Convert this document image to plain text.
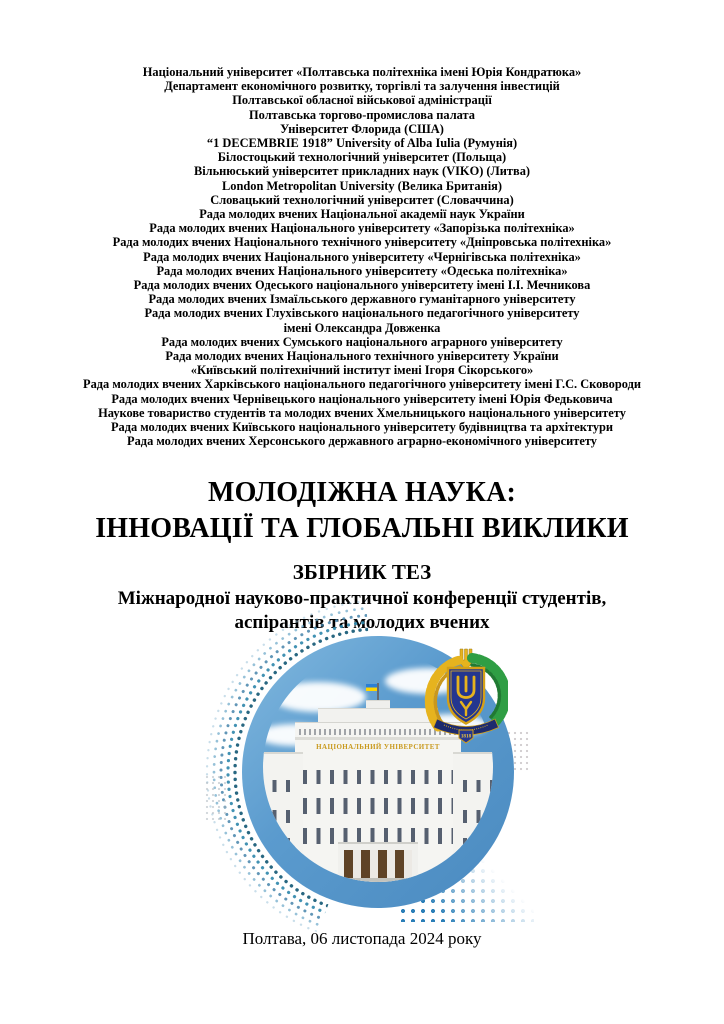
Національний університет «Полтавська політехніка імені Юрія Кондратюка»
Департамент економічного розвитку, торгівлі та залучення інвестицій
Полтавської обласної військової адміністрації
Полтавська торгово-промислова палата
Університет Флорида (США)
“1 DECEMBRIE 1918” University of Alba Iulia (Румунія)
Білостоцький технологічний університет (Польща)
Вільнюський університет прикладних наук (VIKO) (Литва)
London Metropolitan University (Велика Британія)
Словацький технологічний університет (Словаччина)
Рада молодих вчених Національної академії наук України
Рада молодих вчених Національного університету «Запорізька політехніка»
Рада молодих вчених Національного технічного університету «Дніпровська політехніка»
Рада молодих вчених Національного університету «Чернігівська політехніка»
Рада молодих вчених Національного університету «Одеська політехніка»
Рада молодих вчених Одеського національного університету імені І.І. Мечникова
Рада молодих вчених Ізмаїльського державного гуманітарного університету
Рада молодих вчених Глухівського національного педагогічного університету
імені Олександра Довженка
Рада молодих вчених Сумського національного аграрного університету
Рада молодих вчених Національного технічного університету України
«Київський політехнічний інститут імені Ігоря Сікорського»
Рада молодих вчених Харківського національного педагогічного університету імені Г.С. Сковороди
Рада молодих вчених Чернівецького національного університету імені Юрія Федьковича
Наукове товариство студентів та молодих вчених Хмельницького національного університету
Рада молодих вчених Київського національного університету будівництва та архітектури
Рада молодих вчених Херсонського державного аграрно-економічного університету
МОЛОДІЖНА НАУКА:
ІННОВАЦІЇ ТА ГЛОБАЛЬНІ ВИКЛИКИ
ЗБІРНИК ТЕЗ
Міжнародної науково-практичної конференції студентів,
аспірантів та молодих вчених
НАЦІОНАЛЬНИЙ УНІВЕРСИТЕТ
1818
Полтава, 06 листопада 2024 року
